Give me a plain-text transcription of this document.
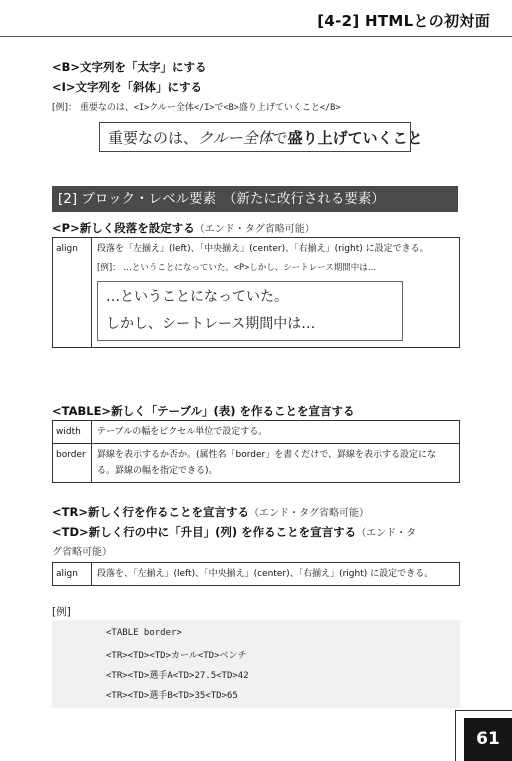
[4-2] HTMLとの初対面
<B>文字列を「太字」にする
<I>文字列を「斜体」にする
[例]： 重要なのは、<I>クルー全体</I>で<B>盛り上げていくこと</B>
重要なのは、クルー全体で盛り上げていくこと
[2] ブロック・レベル要素　（新たに改行される要素）
<P>新しく段落を設定する（エンド・タグ省略可能）
align	段落を「左揃え」(left)、「中央揃え」(center)、「右揃え」(right) に設定できる。
[例]： …ということになっていた。<P>しかし、シートレース期間中は…
…ということになっていた。
しかし、シートレース期間中は…
<TABLE>新しく「テーブル」(表) を作ることを宣言する
width	テーブルの幅をピクセル単位で設定する。
border	罫線を表示するか否か。(属性名「border」を書くだけで、罫線を表示する設定になる。罫線の幅を指定できる)。
<TR>新しく行を作ることを宣言する（エンド・タグ省略可能）
<TD>新しく行の中に「升目」(列) を作ることを宣言する（エンド・タ
グ省略可能）
align	段落を、「左揃え」(left)、「中央揃え」(center)、「右揃え」(right) に設定できる。
[例]
<TABLE border>
<TR><TD><TD>カール<TD>ベンチ
<TR><TD>選手A<TD>27.5<TD>42
<TR><TD>選手B<TD>35<TD>65
61
